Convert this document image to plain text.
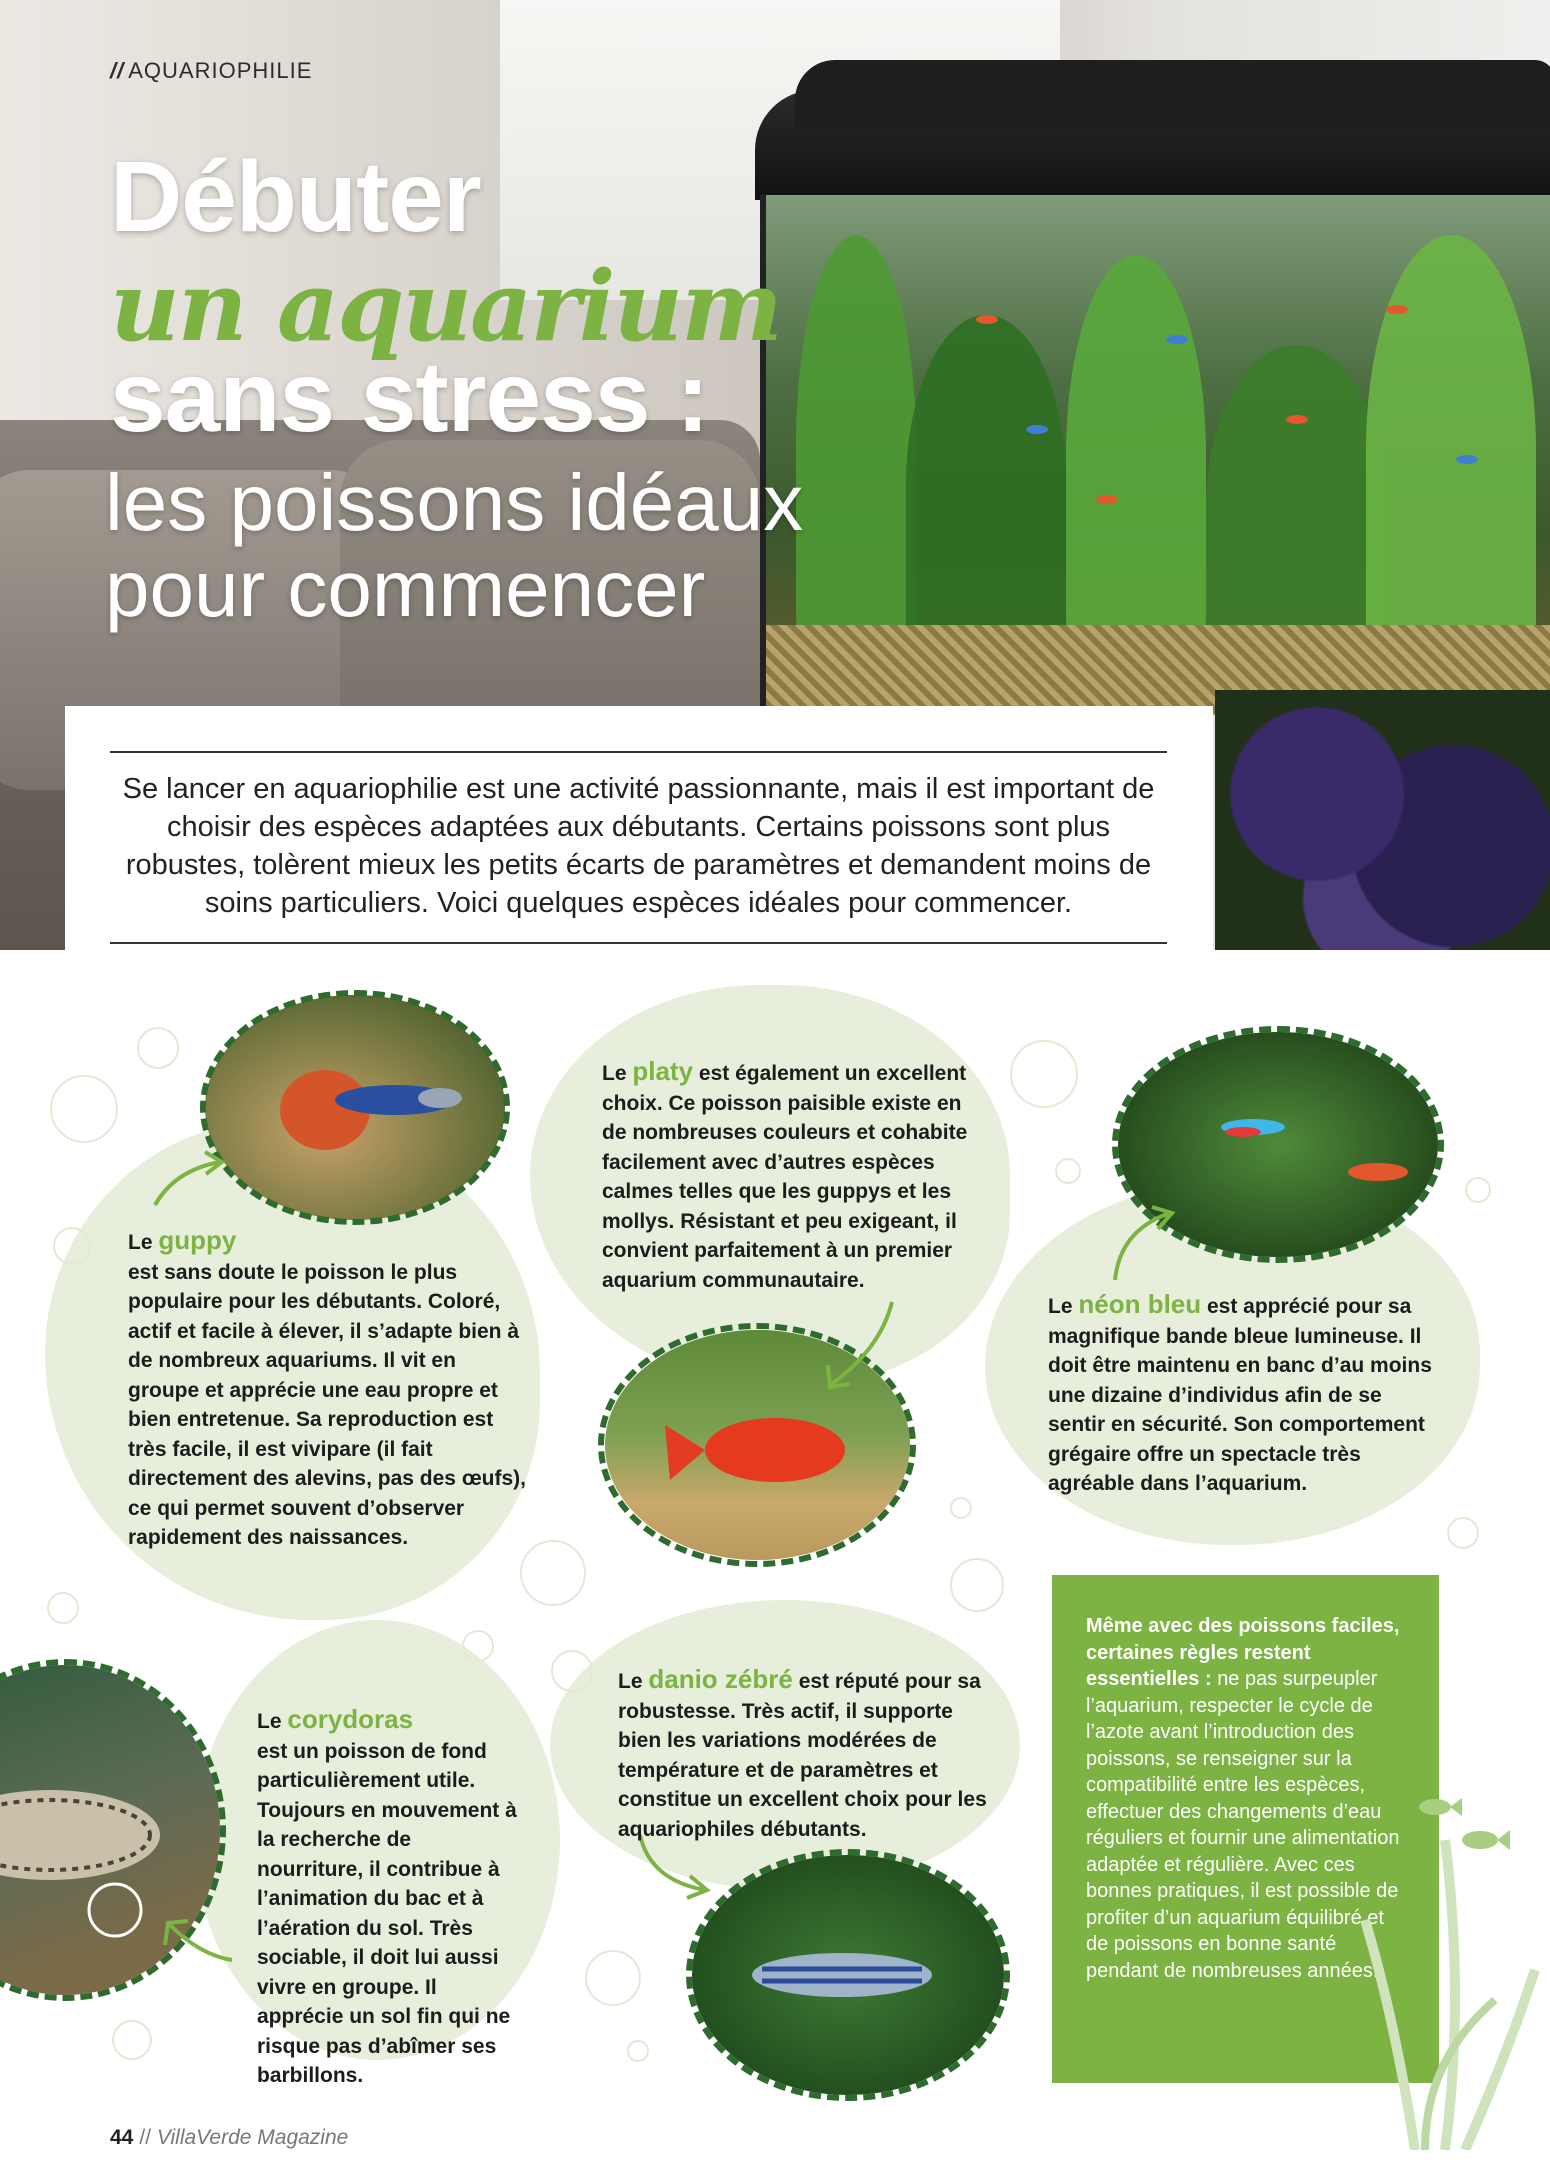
// AQUARIOPHILIE
Débuter
un aquarium
sans stress :
les poissons idéaux
pour commencer

Se lancer en aquariophilie est une activité passionnante, mais il est important de choisir des espèces adaptées aux débutants. Certains poissons sont plus robustes, tolèrent mieux les petits écarts de paramètres et demandent moins de soins particuliers. Voici quelques espèces idéales pour commencer.

Le guppy
est sans doute le poisson le plus populaire pour les débutants. Coloré, actif et facile à élever, il s’adapte bien à de nombreux aquariums. Il vit en groupe et apprécie une eau propre et bien entretenue. Sa reproduction est très facile, il est vivipare (il fait directement des alevins, pas des œufs), ce qui permet souvent d’observer rapidement des naissances.
Le platy est également un excellent choix. Ce poisson paisible existe en de nombreuses couleurs et cohabite facilement avec d’autres espèces calmes telles que les guppys et les mollys. Résistant et peu exigeant, il convient parfaitement à un premier aquarium communautaire.
Le néon bleu est apprécié pour sa magnifique bande bleue lumineuse. Il doit être maintenu en banc d’au moins une dizaine d’individus afin de se sentir en sécurité. Son comportement grégaire offre un spectacle très agréable dans l’aquarium.
Le corydoras
est un poisson de fond particulièrement utile. Toujours en mouvement à la recherche de nourriture, il contribue à l’animation du bac et à l’aération du sol. Très sociable, il doit lui aussi vivre en groupe. Il apprécie un sol fin qui ne risque pas d’abîmer ses barbillons.
Le danio zébré est réputé pour sa robustesse. Très actif, il supporte bien les variations modérées de température et de paramètres et constitue un excellent choix pour les aquariophiles débutants.
Même avec des poissons faciles, certaines règles restent essentielles : ne pas surpeupler l’aquarium, respecter le cycle de l’azote avant l’introduction des poissons, se renseigner sur la compatibilité entre les espèces, effectuer des changements d’eau réguliers et fournir une alimentation adaptée et régulière. Avec ces bonnes pratiques, il est possible de profiter d’un aquarium équilibré et de poissons en bonne santé pendant de nombreuses années.
44 // VillaVerde Magazine
